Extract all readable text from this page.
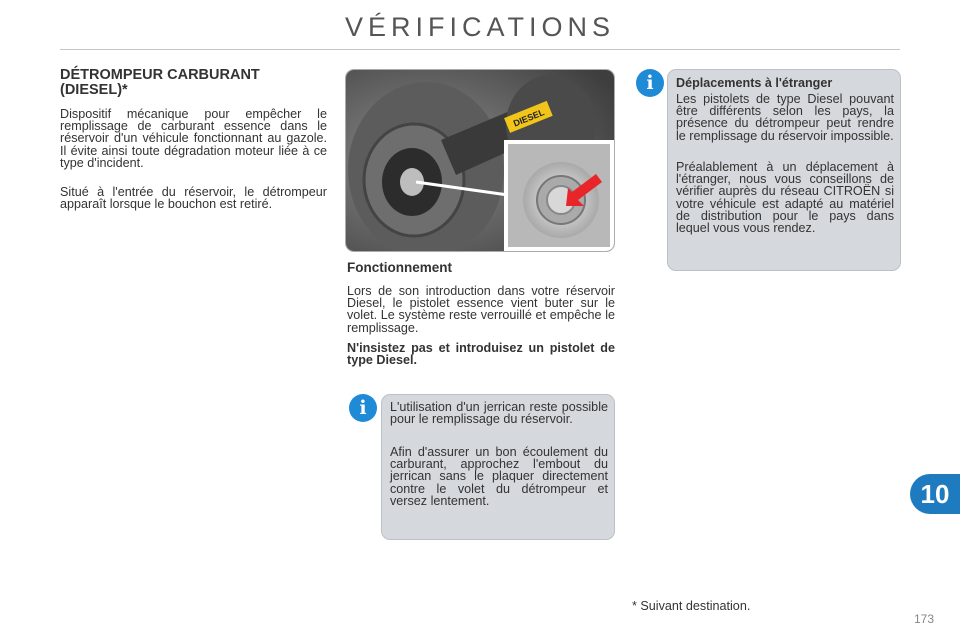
VÉRIFICATIONS
DÉTROMPEUR CARBURANT (DIESEL)*

Dispositif mécanique pour empêcher le remplissage de carburant essence dans le réservoir d'un véhicule fonctionnant au gazole. Il évite ainsi toute dégradation moteur liée à ce type d'incident.

Situé à l'entrée du réservoir, le détrompeur apparaît lorsque le bouchon est retiré.

DIESEL
Fonctionnement

Lors de son introduction dans votre réservoir Diesel, le pistolet essence vient buter sur le volet. Le système reste verrouillé et empêche le remplissage.

N'insistez pas et introduisez un pistolet de type Diesel.

i	Déplacements à l'étranger

Les pistolets de type Diesel pouvant être différents selon les pays, la présence du détrompeur peut rendre le remplissage du réservoir impossible.

Préalablement à un déplacement à l'étranger, nous vous conseillons de vérifier auprès du réseau CITROËN si votre véhicule est adapté au matériel de distribution pour le pays dans lequel vous vous rendez.

i	L'utilisation d'un jerrican reste possible pour le remplissage du réservoir.

Afin d'assurer un bon écoulement du carburant, approchez l'embout du jerrican sans le plaquer directement contre le volet du détrompeur et versez lentement.

* Suivant destination.
173
10
